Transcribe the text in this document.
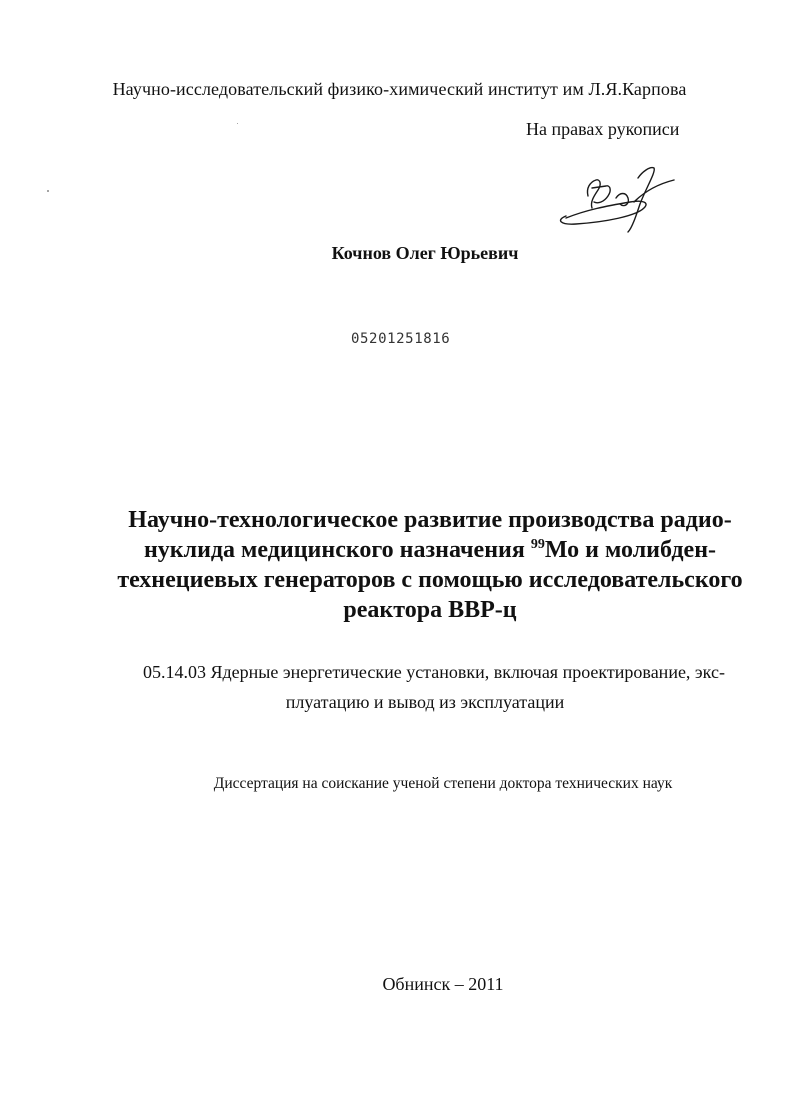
Научно-исследовательский физико-химический институт им Л.Я.Карпова
На правах рукописи
Кочнов Олег Юрьевич
05201251816
Научно-технологическое развитие производства радио-
нуклида медицинского назначения $^{99}$Мо и молибден-
технециевых генераторов с помощью исследовательского
реактора ВВР-ц
05.14.03 Ядерные энергетические установки, включая проектирование, экс-
плуатацию и вывод из эксплуатации
Диссертация на соискание ученой степени доктора технических наук
Обнинск – 2011
